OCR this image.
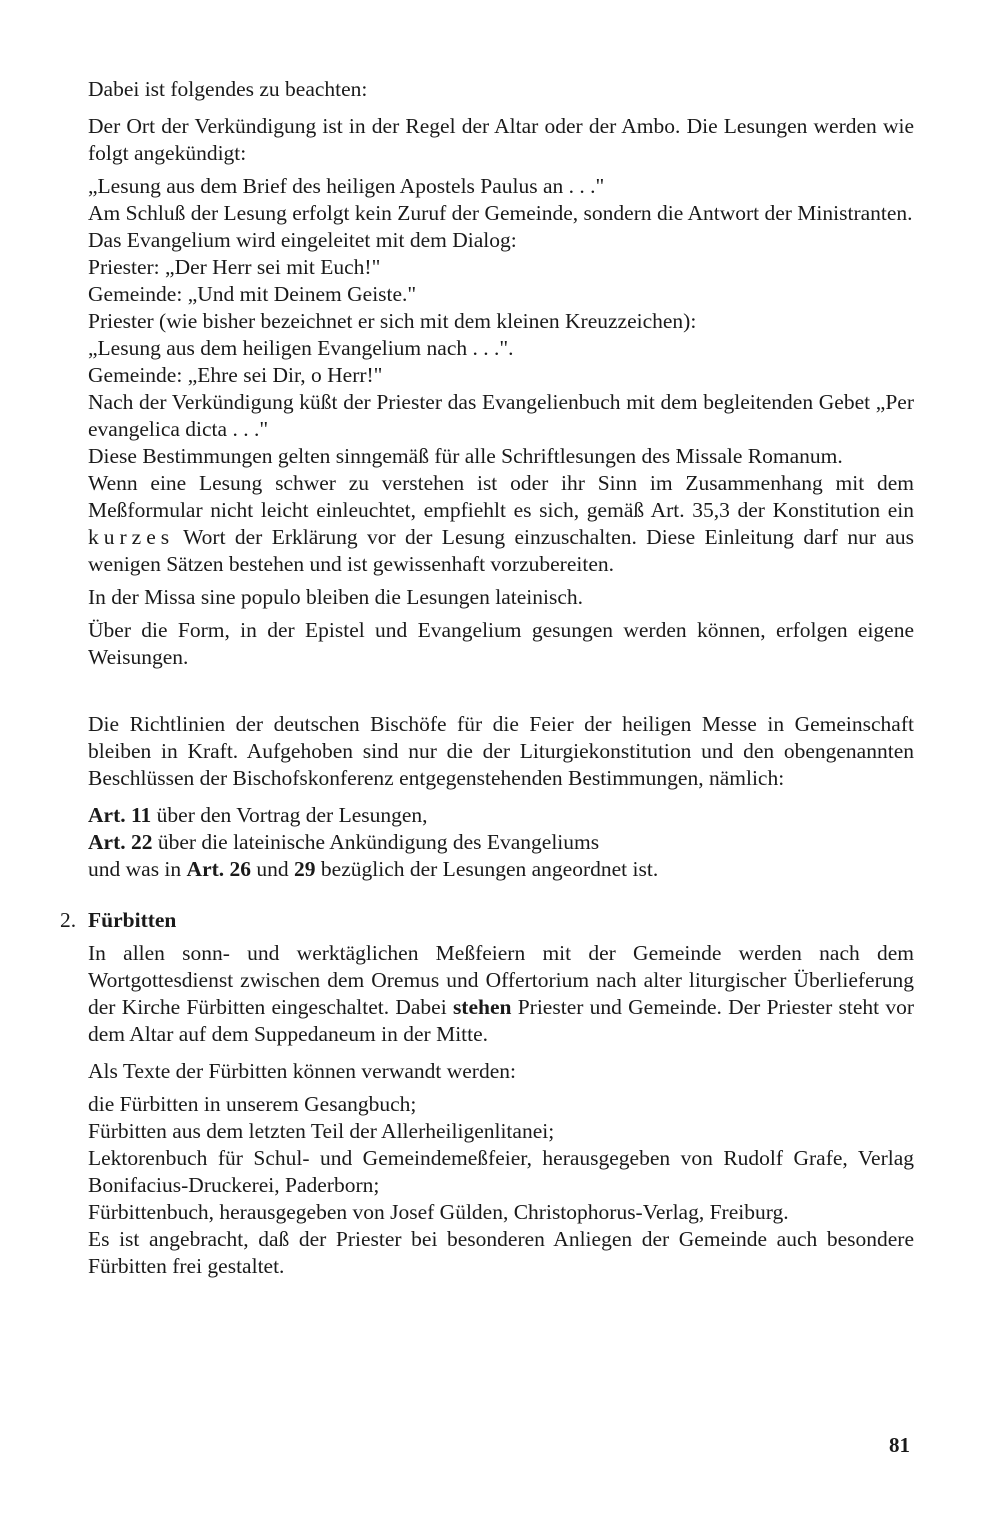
Dabei ist folgendes zu beachten:

Der Ort der Verkündigung ist in der Regel der Altar oder der Ambo. Die Lesungen werden wie folgt angekündigt:

„Lesung aus dem Brief des heiligen Apostels Paulus an . . ."

Am Schluß der Lesung erfolgt kein Zuruf der Gemeinde, sondern die Antwort der Ministranten.

Das Evangelium wird eingeleitet mit dem Dialog:

Priester: „Der Herr sei mit Euch!"

Gemeinde: „Und mit Deinem Geiste."

Priester (wie bisher bezeichnet er sich mit dem kleinen Kreuzzeichen):

„Lesung aus dem heiligen Evangelium nach . . .".

Gemeinde: „Ehre sei Dir, o Herr!"

Nach der Verkündigung küßt der Priester das Evangelienbuch mit dem begleitenden Gebet „Per evangelica dicta . . ."

Diese Bestimmungen gelten sinngemäß für alle Schriftlesungen des Missale Romanum.

Wenn eine Lesung schwer zu verstehen ist oder ihr Sinn im Zusammenhang mit dem Meßformular nicht leicht einleuchtet, empfiehlt es sich, gemäß Art. 35,3 der Konstitution ein kurzes Wort der Erklärung vor der Lesung einzuschalten. Diese Einleitung darf nur aus wenigen Sätzen bestehen und ist gewissenhaft vorzubereiten.

In der Missa sine populo bleiben die Lesungen lateinisch.

Über die Form, in der Epistel und Evangelium gesungen werden können, erfolgen eigene Weisungen.

Die Richtlinien der deutschen Bischöfe für die Feier der heiligen Messe in Gemeinschaft bleiben in Kraft. Aufgehoben sind nur die der Liturgiekonstitution und den obengenannten Beschlüssen der Bischofskonferenz entgegenstehenden Bestimmungen, nämlich:

Art. 11 über den Vortrag der Lesungen,

Art. 22 über die lateinische Ankündigung des Evangeliums

und was in Art. 26 und 29 bezüglich der Lesungen angeordnet ist.

2. Fürbitten

In allen sonn- und werktäglichen Meßfeiern mit der Gemeinde werden nach dem Wortgottesdienst zwischen dem Oremus und Offertorium nach alter liturgischer Überlieferung der Kirche Fürbitten eingeschaltet. Dabei stehen Priester und Gemeinde. Der Priester steht vor dem Altar auf dem Suppedaneum in der Mitte.

Als Texte der Fürbitten können verwandt werden:

die Fürbitten in unserem Gesangbuch;

Fürbitten aus dem letzten Teil der Allerheiligenlitanei;

Lektorenbuch für Schul- und Gemeindemeßfeier, herausgegeben von Rudolf Grafe, Verlag Bonifacius-Druckerei, Paderborn;

Fürbittenbuch, herausgegeben von Josef Gülden, Christophorus-Verlag, Freiburg.

Es ist angebracht, daß der Priester bei besonderen Anliegen der Gemeinde auch besondere Fürbitten frei gestaltet.

81
